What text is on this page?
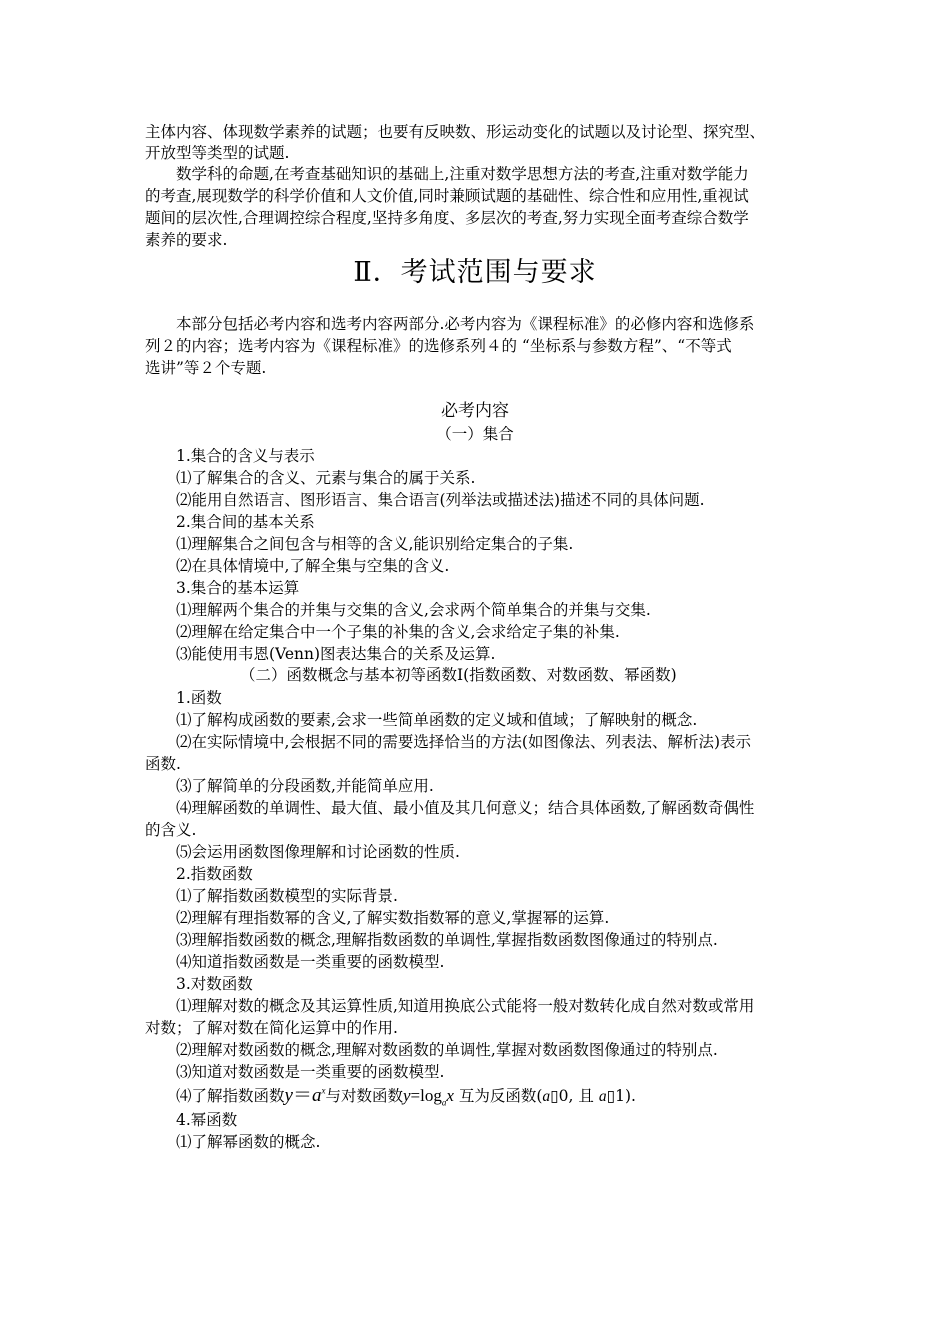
主体内容、体现数学素养的试题；也要有反映数、形运动变化的试题以及讨论型、探究型、
开放型等类型的试题.
数学科的命题,在考查基础知识的基础上,注重对数学思想方法的考查,注重对数学能力
的考查,展现数学的科学价值和人文价值,同时兼顾试题的基础性、综合性和应用性,重视试
题间的层次性,合理调控综合程度,坚持多角度、多层次的考查,努力实现全面考查综合数学
素养的要求.
Ⅱ．考试范围与要求
本部分包括必考内容和选考内容两部分.必考内容为《课程标准》的必修内容和选修系
列２的内容；选考内容为《课程标准》的选修系列４的 “坐标系与参数方程”、“不等式
选讲”等２个专题.
必考内容
（一）集合
1.集合的含义与表示
⑴了解集合的含义、元素与集合的属于关系.
⑵能用自然语言、图形语言、集合语言(列举法或描述法)描述不同的具体问题.
2.集合间的基本关系
⑴理解集合之间包含与相等的含义,能识别给定集合的子集.
⑵在具体情境中,了解全集与空集的含义.
3.集合的基本运算
⑴理解两个集合的并集与交集的含义,会求两个简单集合的并集与交集.
⑵理解在给定集合中一个子集的补集的含义,会求给定子集的补集.
⑶能使用韦恩(Venn)图表达集合的关系及运算.
（二）函数概念与基本初等函数Ⅰ(指数函数、对数函数、幂函数)
1.函数
⑴了解构成函数的要素,会求一些简单函数的定义域和值域；了解映射的概念.
⑵在实际情境中,会根据不同的需要选择恰当的方法(如图像法、列表法、解析法)表示
函数.
⑶了解简单的分段函数,并能简单应用.
⑷理解函数的单调性、最大值、最小值及其几何意义；结合具体函数,了解函数奇偶性
的含义.
⑸会运用函数图像理解和讨论函数的性质.
2.指数函数
⑴了解指数函数模型的实际背景.
⑵理解有理指数幂的含义,了解实数指数幂的意义,掌握幂的运算.
⑶理解指数函数的概念,理解指数函数的单调性,掌握指数函数图像通过的特别点.
⑷知道指数函数是一类重要的函数模型.
3.对数函数
⑴理解对数的概念及其运算性质,知道用换底公式能将一般对数转化成自然对数或常用
对数；了解对数在简化运算中的作用.
⑵理解对数函数的概念,理解对数函数的单调性,掌握对数函数图像通过的特别点.
⑶知道对数函数是一类重要的函数模型.
⑷了解指数函数$y=a^x$与对数函数$y=\log_ax$ 互为反函数(a▯0, 且 a▯1).
4.幂函数
⑴了解幂函数的概念.
